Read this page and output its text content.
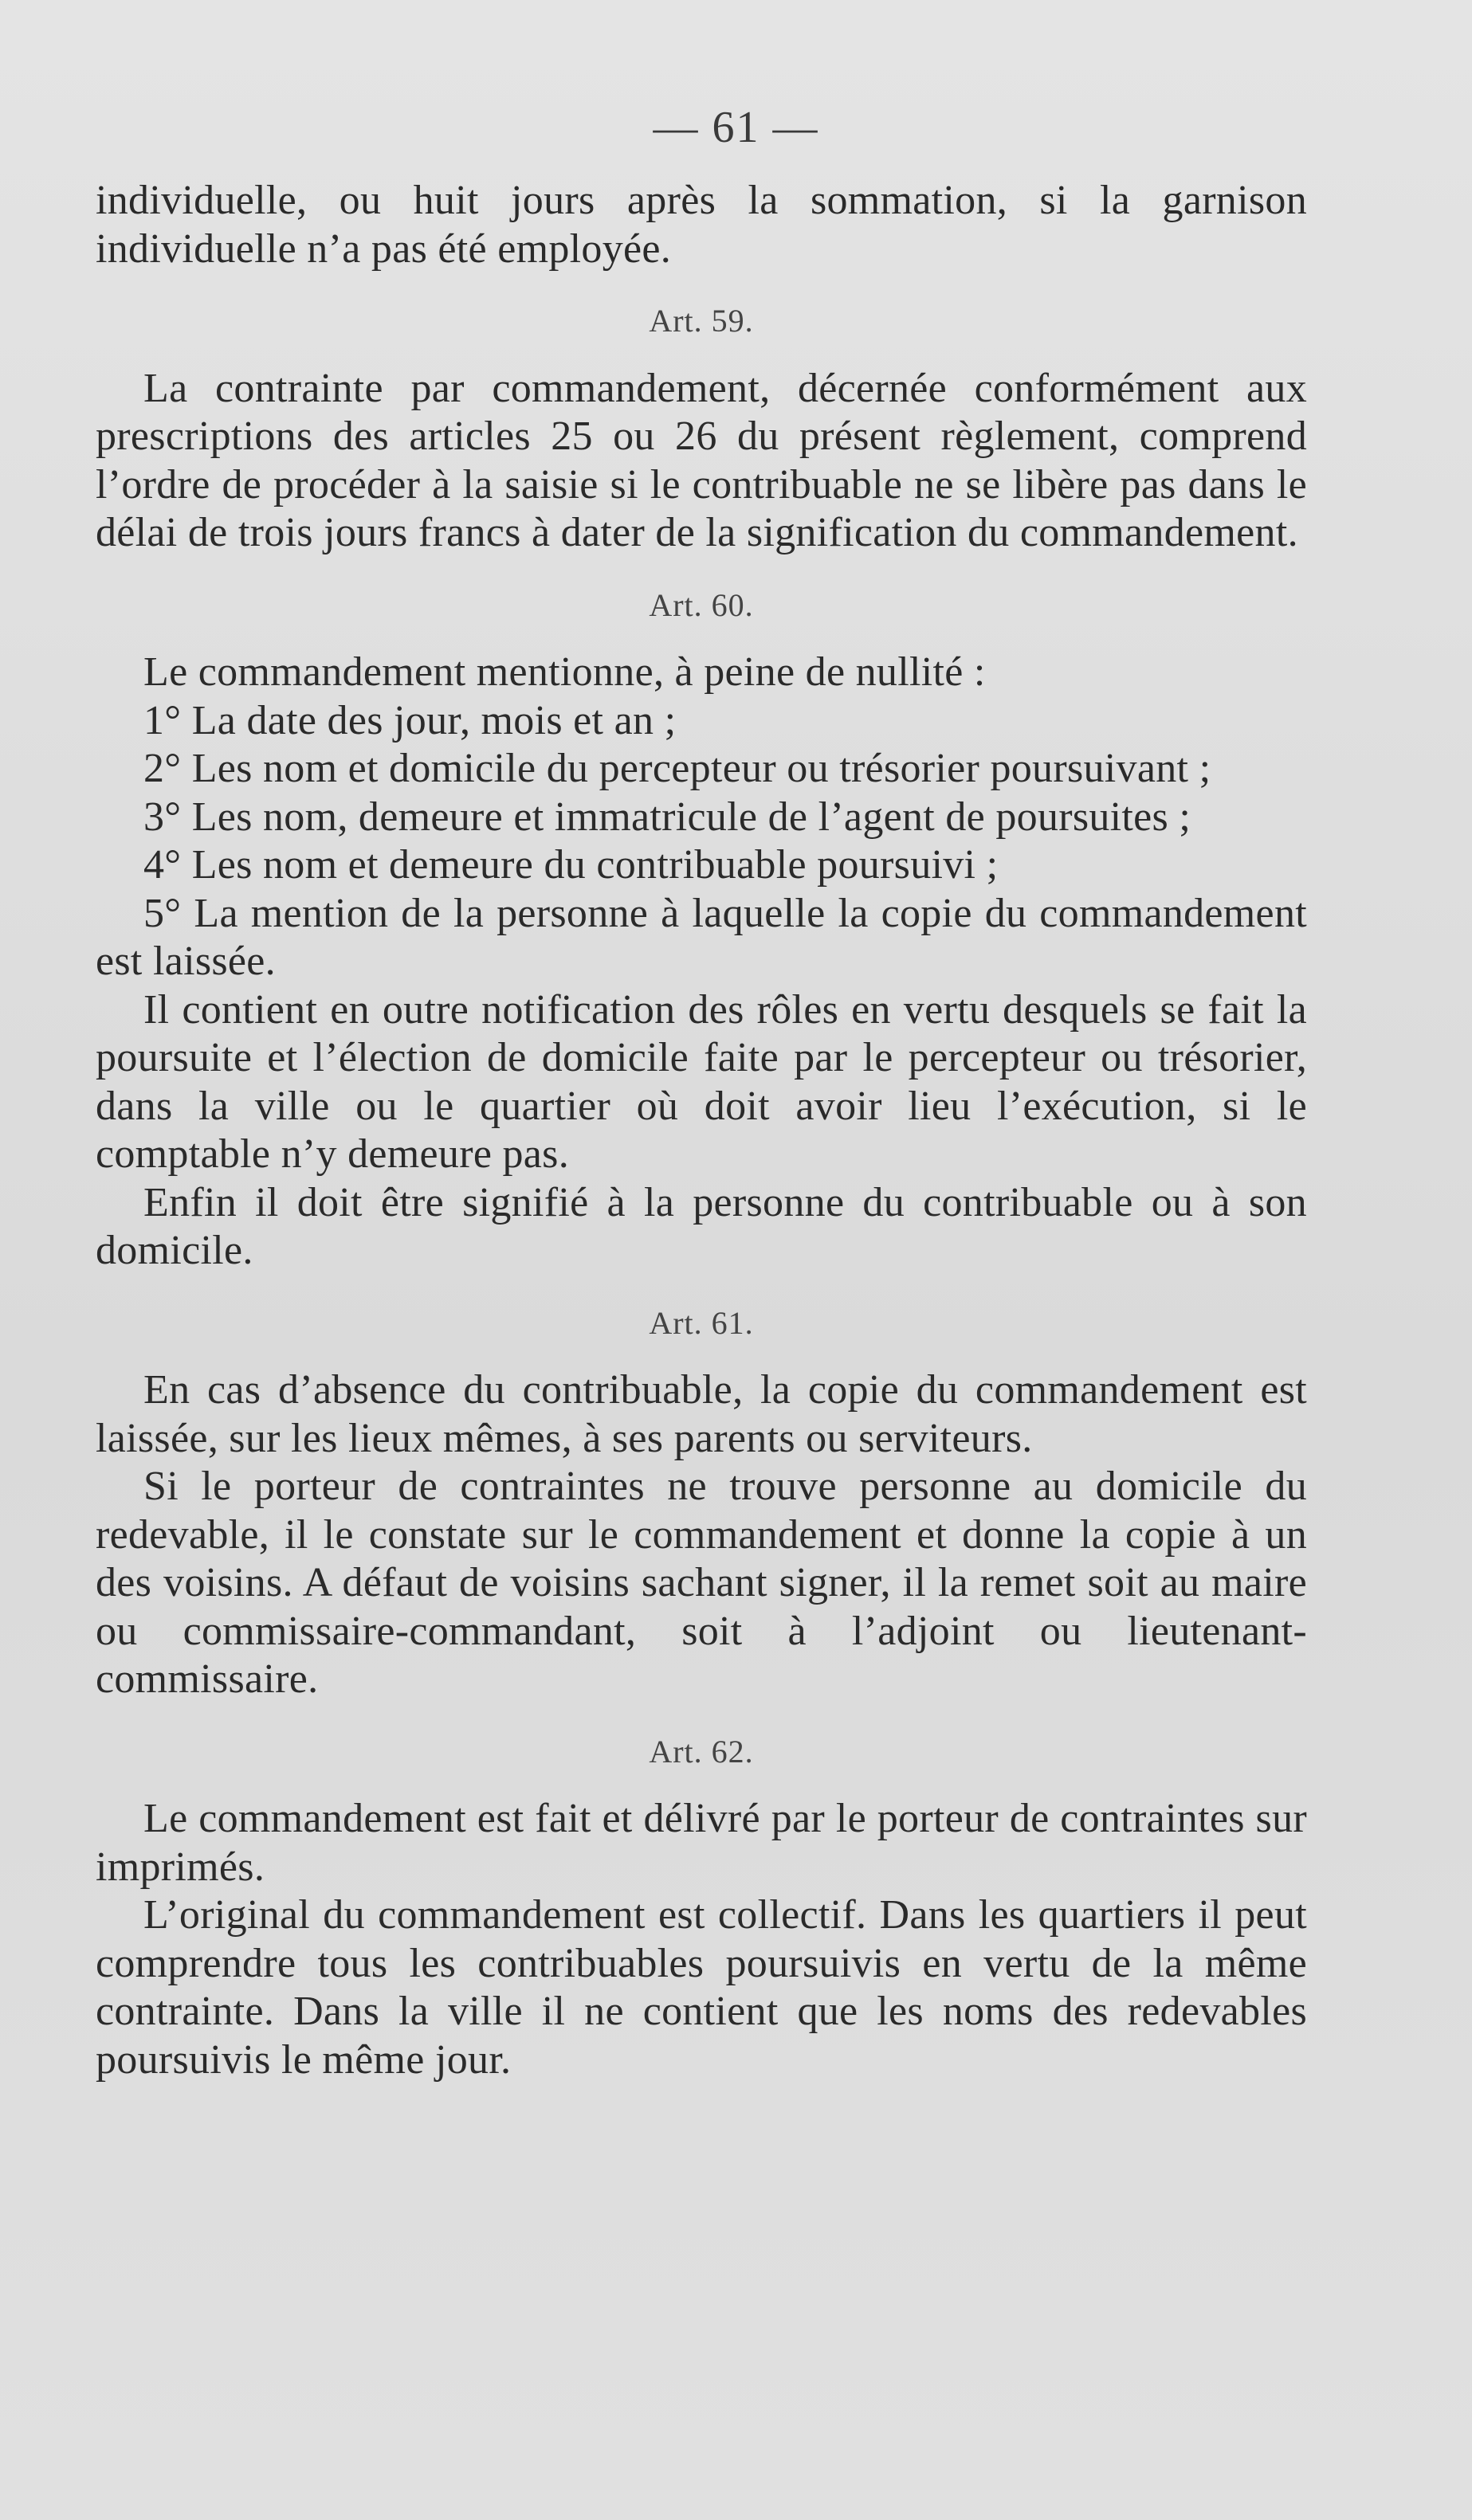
— 61 —

individuelle, ou huit jours après la sommation, si la garnison individuelle n’a pas été employée.

Art. 59.

La contrainte par commandement, décernée conformément aux prescriptions des articles 25 ou 26 du présent règlement, comprend l’ordre de procéder à la saisie si le contribuable ne se libère pas dans le délai de trois jours francs à dater de la signification du commandement.

Art. 60.

Le commandement mentionne, à peine de nullité :

1° La date des jour, mois et an ;

2° Les nom et domicile du percepteur ou trésorier poursuivant ;

3° Les nom, demeure et immatricule de l’agent de poursuites ;

4° Les nom et demeure du contribuable poursuivi ;

5° La mention de la personne à laquelle la copie du commandement est laissée.

Il contient en outre notification des rôles en vertu desquels se fait la poursuite et l’élection de domicile faite par le percepteur ou trésorier, dans la ville ou le quartier où doit avoir lieu l’exécution, si le comptable n’y demeure pas.

Enfin il doit être signifié à la personne du contribuable ou à son domicile.

Art. 61.

En cas d’absence du contribuable, la copie du commandement est laissée, sur les lieux mêmes, à ses parents ou serviteurs.

Si le porteur de contraintes ne trouve personne au domicile du redevable, il le constate sur le commandement et donne la copie à un des voisins. A défaut de voisins sachant signer, il la remet soit au maire ou commissaire-commandant, soit à l’adjoint ou lieutenant-commissaire.

Art. 62.

Le commandement est fait et délivré par le porteur de contraintes sur imprimés.

L’original du commandement est collectif. Dans les quartiers il peut comprendre tous les contribuables poursuivis en vertu de la même contrainte. Dans la ville il ne contient que les noms des redevables poursuivis le même jour.
